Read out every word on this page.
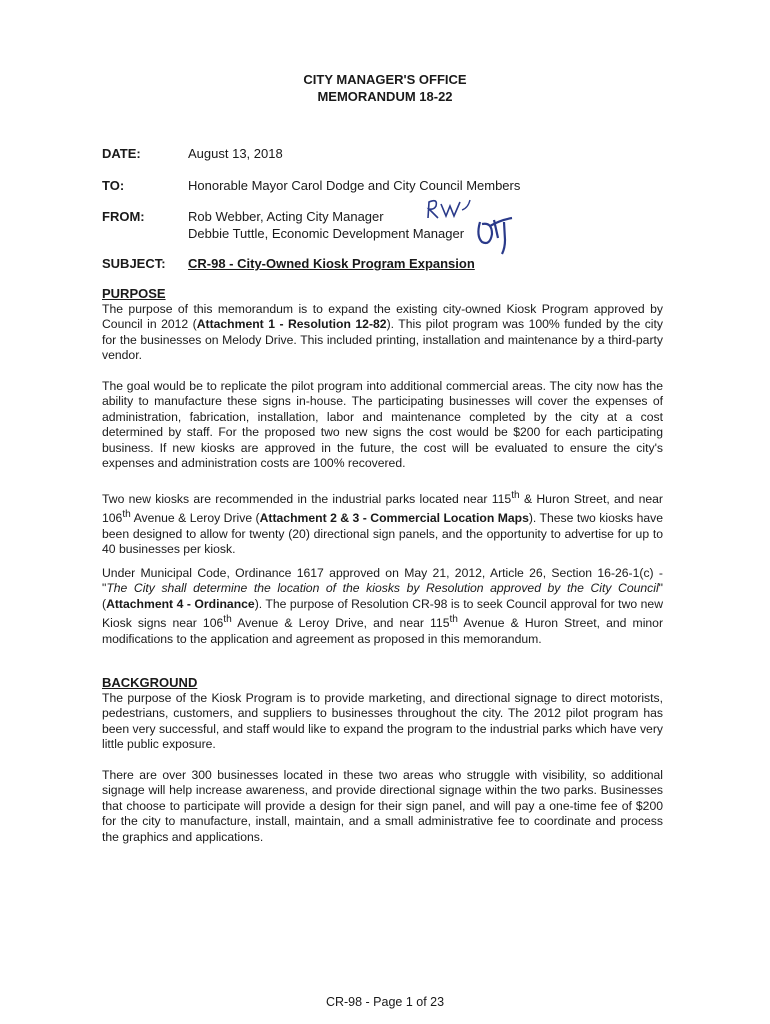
CITY MANAGER'S OFFICE
MEMORANDUM 18-22
DATE:	August 13, 2018
TO:	Honorable Mayor Carol Dodge and City Council Members
FROM:	Rob Webber, Acting City Manager
Debbie Tuttle, Economic Development Manager
SUBJECT: CR-98 - City-Owned Kiosk Program Expansion
PURPOSE
The purpose of this memorandum is to expand the existing city-owned Kiosk Program approved by Council in 2012 (Attachment 1 - Resolution 12-82). This pilot program was 100% funded by the city for the businesses on Melody Drive. This included printing, installation and maintenance by a third-party vendor.
The goal would be to replicate the pilot program into additional commercial areas. The city now has the ability to manufacture these signs in-house. The participating businesses will cover the expenses of administration, fabrication, installation, labor and maintenance completed by the city at a cost determined by staff. For the proposed two new signs the cost would be $200 for each participating business. If new kiosks are approved in the future, the cost will be evaluated to ensure the city's expenses and administration costs are 100% recovered.
Two new kiosks are recommended in the industrial parks located near 115th & Huron Street, and near 106th Avenue & Leroy Drive (Attachment 2 & 3 - Commercial Location Maps). These two kiosks have been designed to allow for twenty (20) directional sign panels, and the opportunity to advertise for up to 40 businesses per kiosk.
Under Municipal Code, Ordinance 1617 approved on May 21, 2012, Article 26, Section 16-26-1(c) - "The City shall determine the location of the kiosks by Resolution approved by the City Council" (Attachment 4 - Ordinance). The purpose of Resolution CR-98 is to seek Council approval for two new Kiosk signs near 106th Avenue & Leroy Drive, and near 115th Avenue & Huron Street, and minor modifications to the application and agreement as proposed in this memorandum.
BACKGROUND
The purpose of the Kiosk Program is to provide marketing, and directional signage to direct motorists, pedestrians, customers, and suppliers to businesses throughout the city. The 2012 pilot program has been very successful, and staff would like to expand the program to the industrial parks which have very little public exposure.
There are over 300 businesses located in these two areas who struggle with visibility, so additional signage will help increase awareness, and provide directional signage within the two parks. Businesses that choose to participate will provide a design for their sign panel, and will pay a one-time fee of $200 for the city to manufacture, install, maintain, and a small administrative fee to coordinate and process the graphics and applications.
CR-98 - Page 1 of 23
